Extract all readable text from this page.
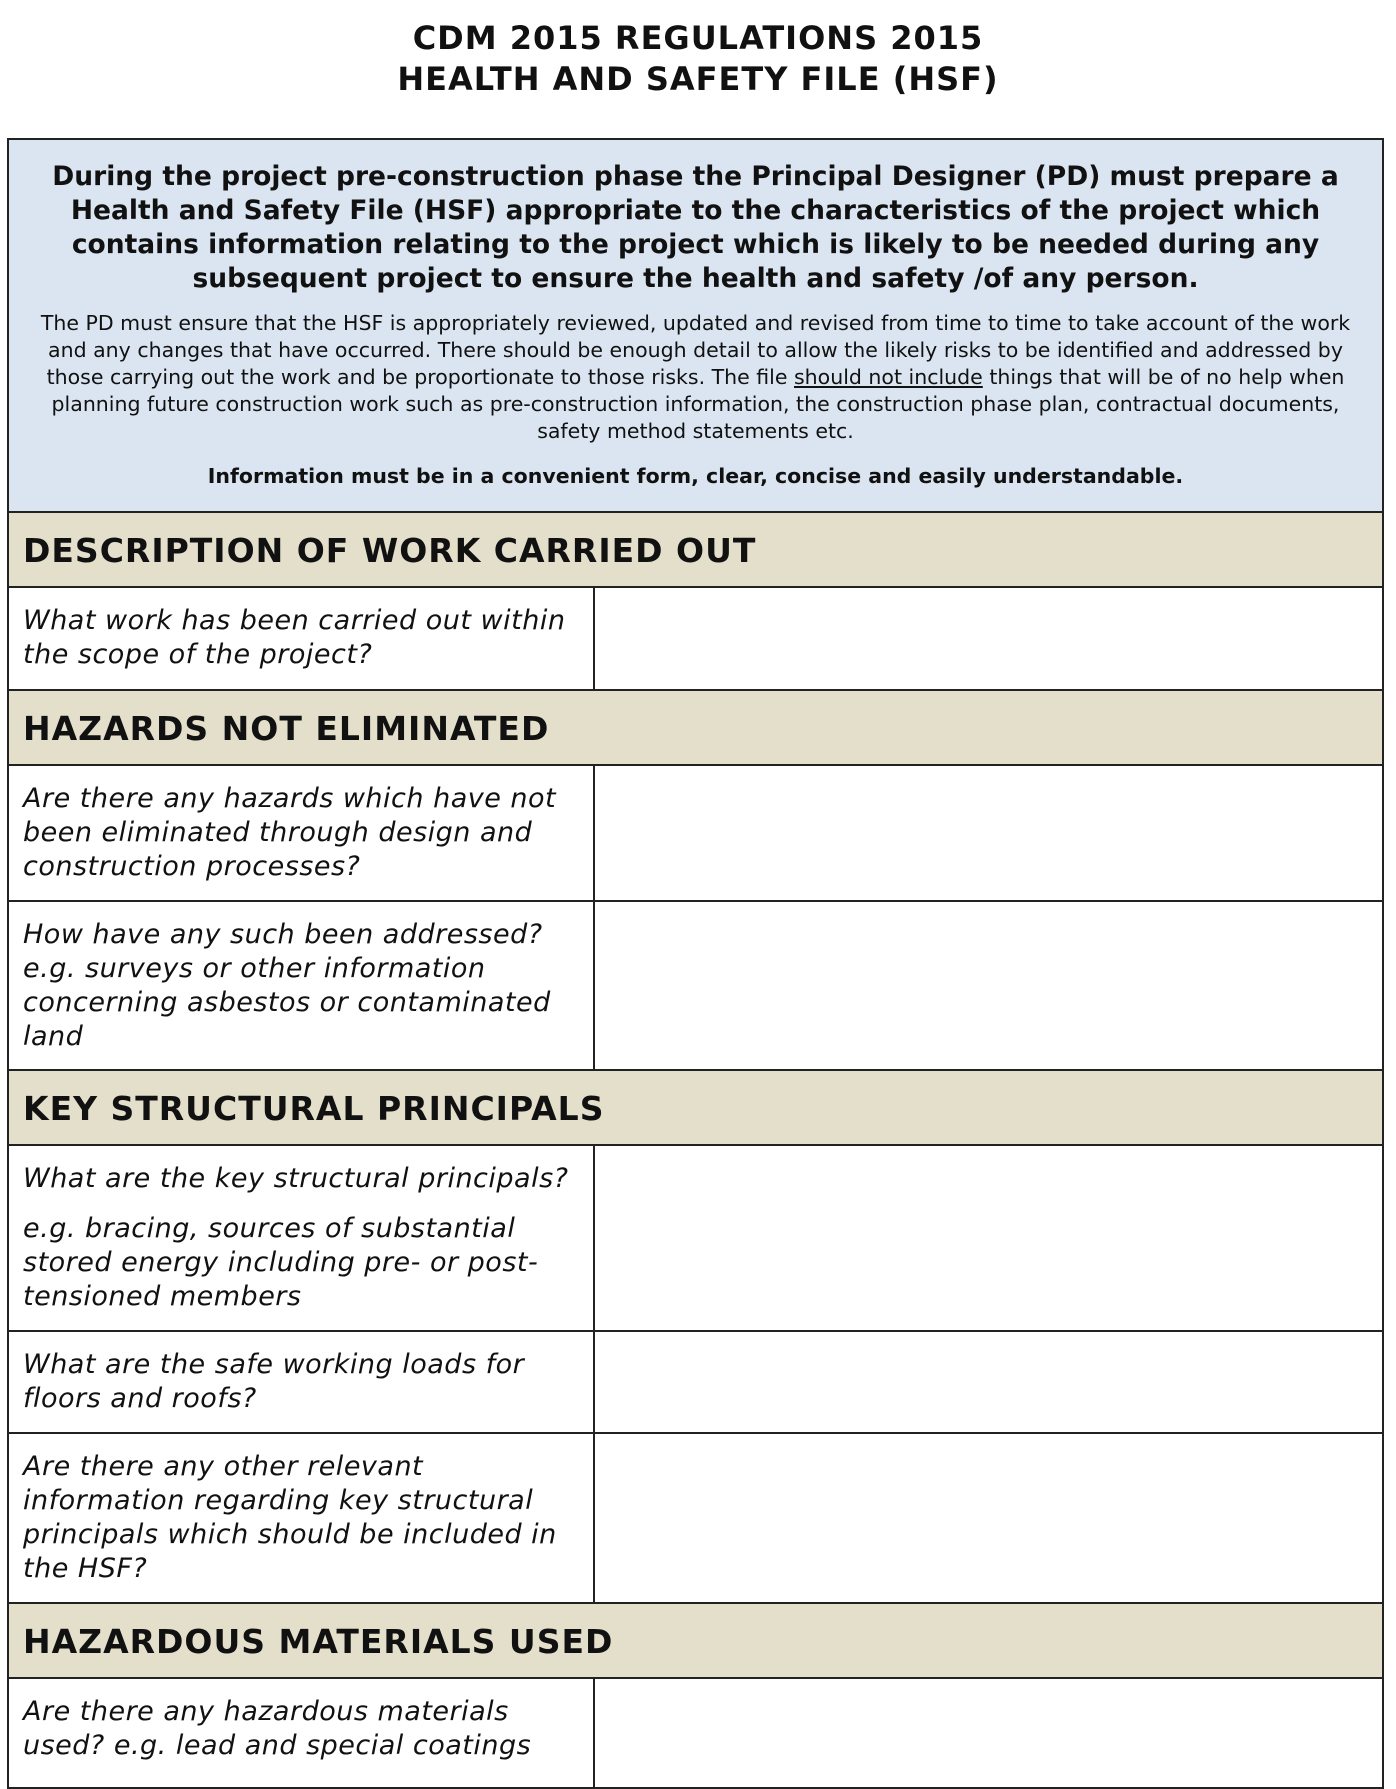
CDM 2015 REGULATIONS 2015
HEALTH AND SAFETY FILE (HSF)

During the project pre-construction phase the Principal Designer (PD) must prepare a Health and Safety File (HSF) appropriate to the characteristics of the project which contains information relating to the project which is likely to be needed during any subsequent project to ensure the health and safety /of any person.

The PD must ensure that the HSF is appropriately reviewed, updated and revised from time to time to take account of the work and any changes that have occurred. There should be enough detail to allow the likely risks to be identified and addressed by those carrying out the work and be proportionate to those risks. The file should not include things that will be of no help when planning future construction work such as pre-construction information, the construction phase plan, contractual documents, safety method statements etc.

Information must be in a convenient form, clear, concise and easily understandable.

DESCRIPTION OF WORK CARRIED OUT

What work has been carried out within the scope of the project?

HAZARDS NOT ELIMINATED

Are there any hazards which have not been eliminated through design and construction processes?

How have any such been addressed? e.g. surveys or other information concerning asbestos or contaminated land

KEY STRUCTURAL PRINCIPALS

What are the key structural principals?

e.g. bracing, sources of substantial stored energy including pre- or post-tensioned members

What are the safe working loads for floors and roofs?

Are there any other relevant information regarding key structural principals which should be included in the HSF?

HAZARDOUS MATERIALS USED

Are there any hazardous materials used? e.g. lead and special coatings
